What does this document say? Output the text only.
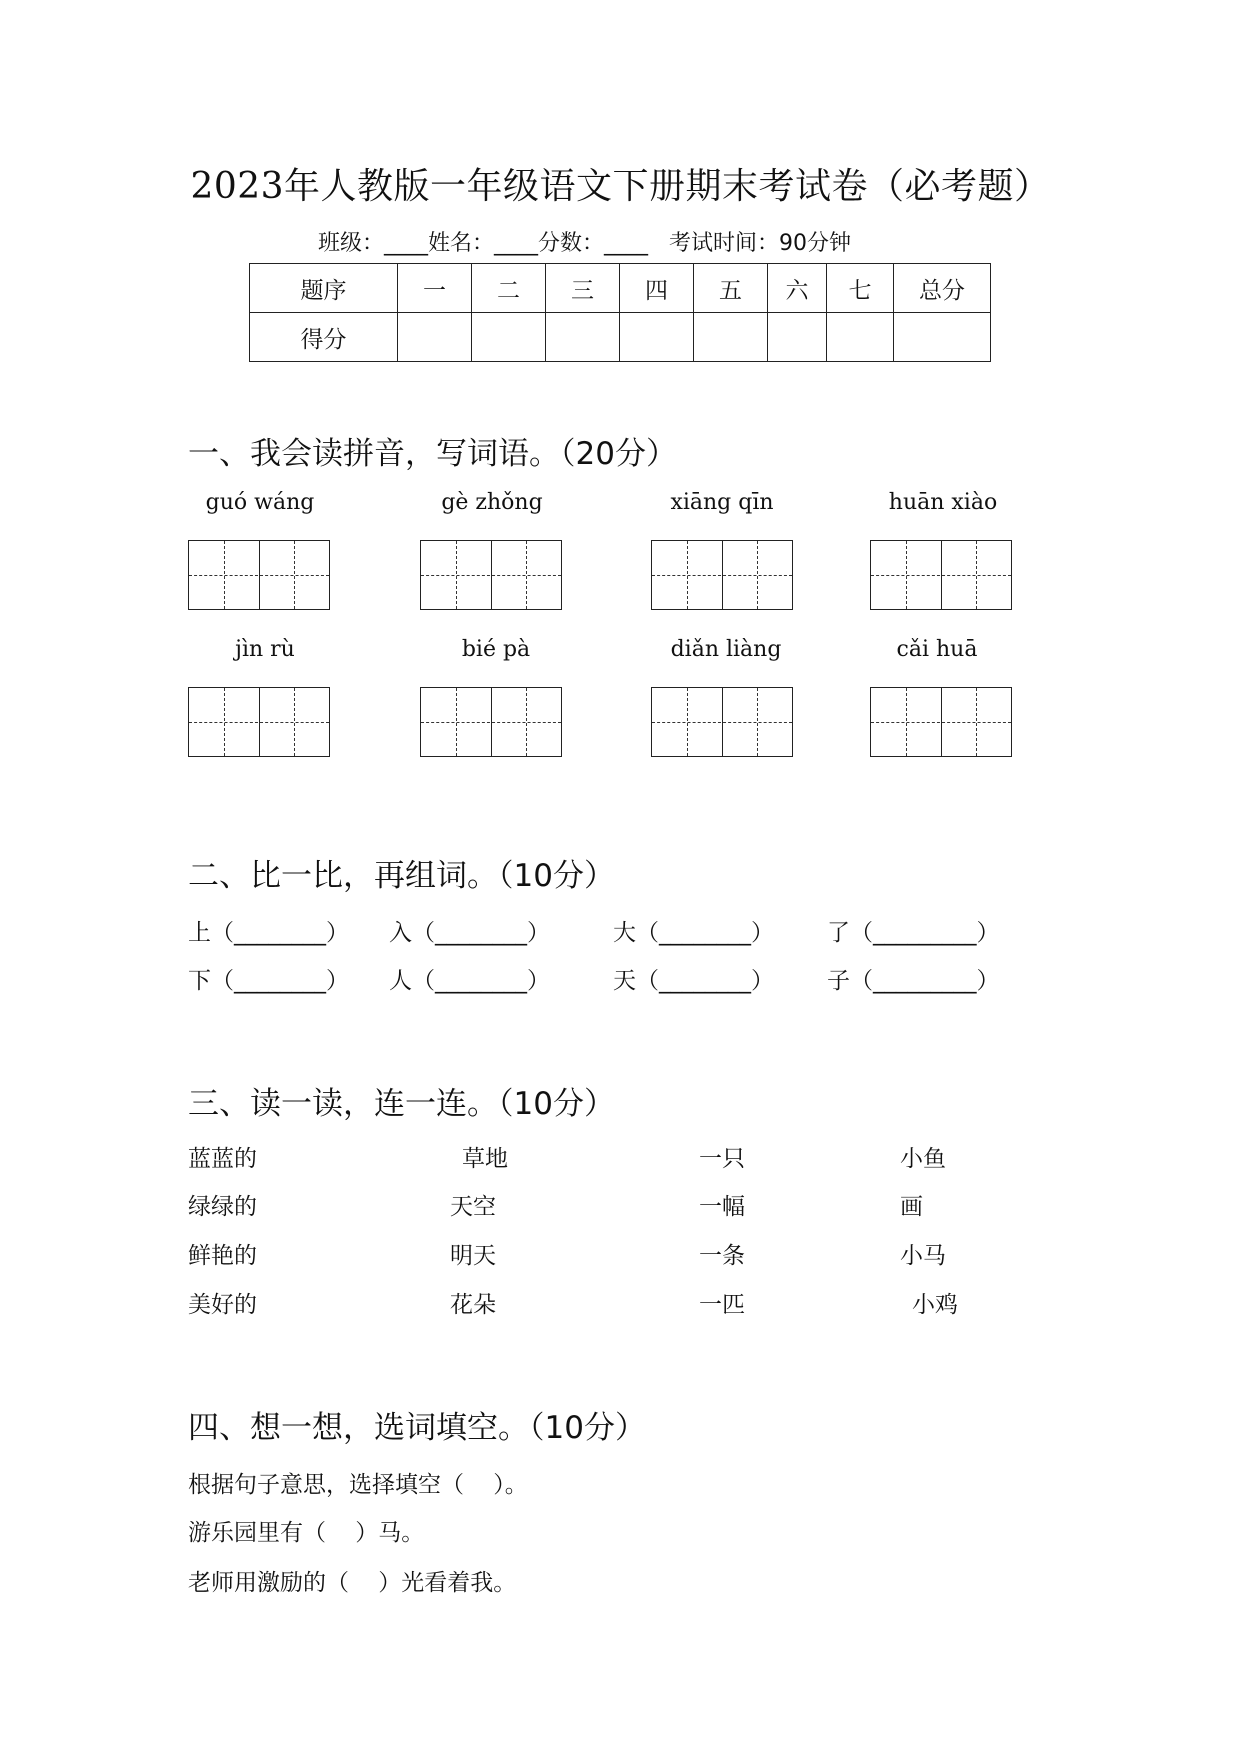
2023年人教版一年级语文下册期末考试卷（必考题）
班级：____姓名：____分数：____   考试时间：90分钟
题序	一	二	三	四	五	六	七	总分
得分								
一、我会读拼音，写词语。（20分）
guó wáng	gè zhǒng	xiāng qīn	huān xiào
jìn rù	bié pà	diǎn liàng	cǎi huā
二、比一比，再组词。（10分）
上（________） 入（________）	大（________） 了（_________）
下（________） 人（________）	天（________） 子（_________）
三、读一读，连一连。（10分）
蓝蓝的	草地	一只	小鱼
绿绿的	天空	一幅	画
鲜艳的	明天	一条	小马
美好的	花朵	一匹	小鸡
四、想一想，选词填空。（10分）
根据句子意思，选择填空（    ）。
游乐园里有（    ）马。
老师用激励的（    ）光看着我。
